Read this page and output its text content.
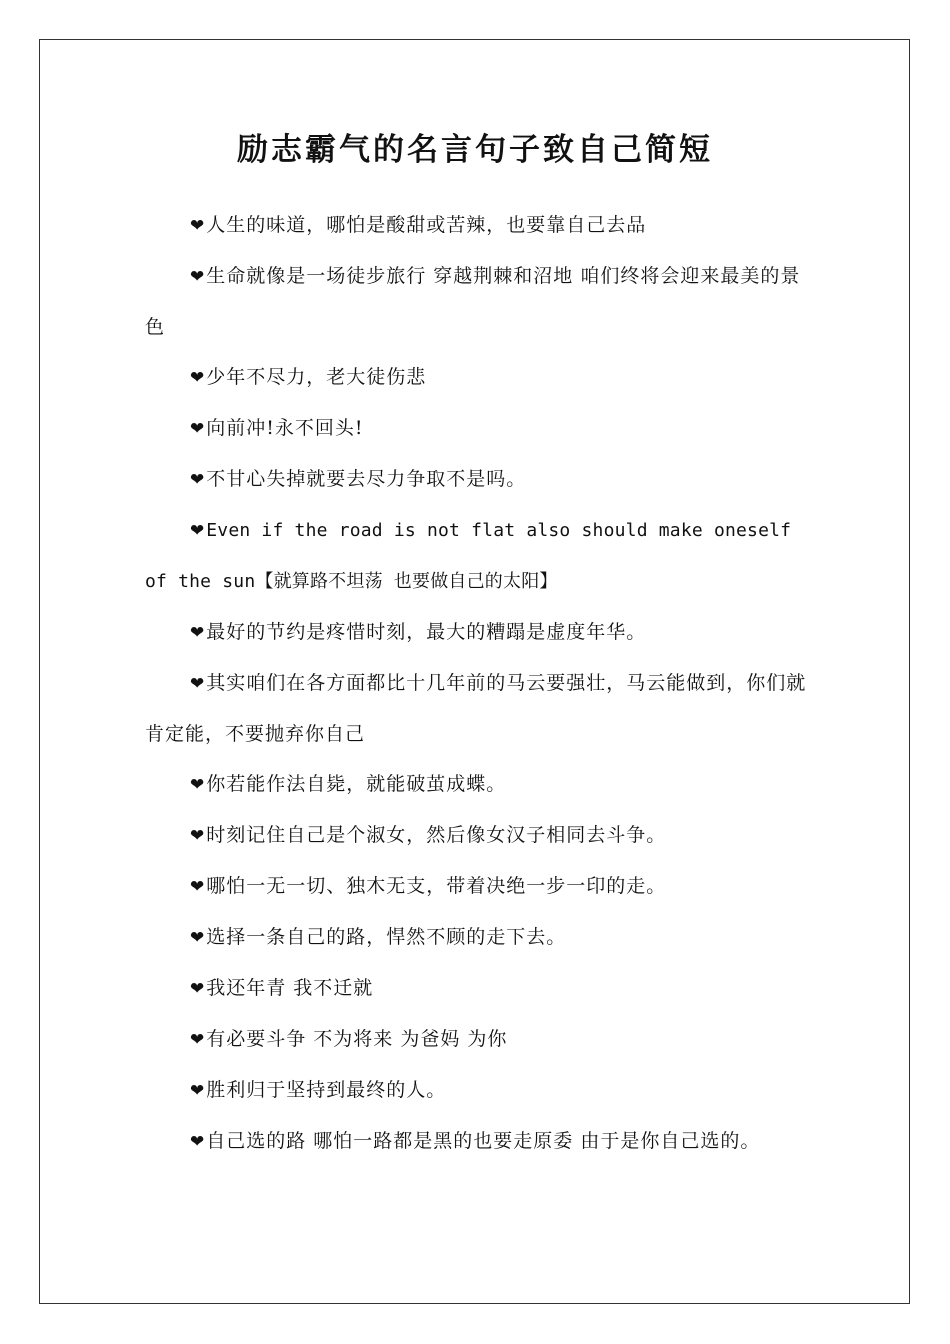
励志霸气的名言句子致自己简短
❤人生的味道，哪怕是酸甜或苦辣，也要靠自己去品
❤生命就像是一场徒步旅行 穿越荆棘和沼地 咱们终将会迎来最美的景色
❤少年不尽力，老大徒伤悲
❤向前冲!永不回头!
❤不甘心失掉就要去尽力争取不是吗。
❤Even if the road is not flat also should make oneself of the sun【就算路不坦荡 也要做自己的太阳】
❤最好的节约是疼惜时刻，最大的糟蹋是虚度年华。
❤其实咱们在各方面都比十几年前的马云要强壮，马云能做到，你们就肯定能，不要抛弃你自己
❤你若能作法自毙，就能破茧成蝶。
❤时刻记住自己是个淑女，然后像女汉子相同去斗争。
❤哪怕一无一切、独木无支，带着决绝一步一印的走。
❤选择一条自己的路，悍然不顾的走下去。
❤我还年青 我不迁就
❤有必要斗争 不为将来 为爸妈 为你
❤胜利归于坚持到最终的人。
❤自己选的路 哪怕一路都是黑的也要走原委 由于是你自己选的。
